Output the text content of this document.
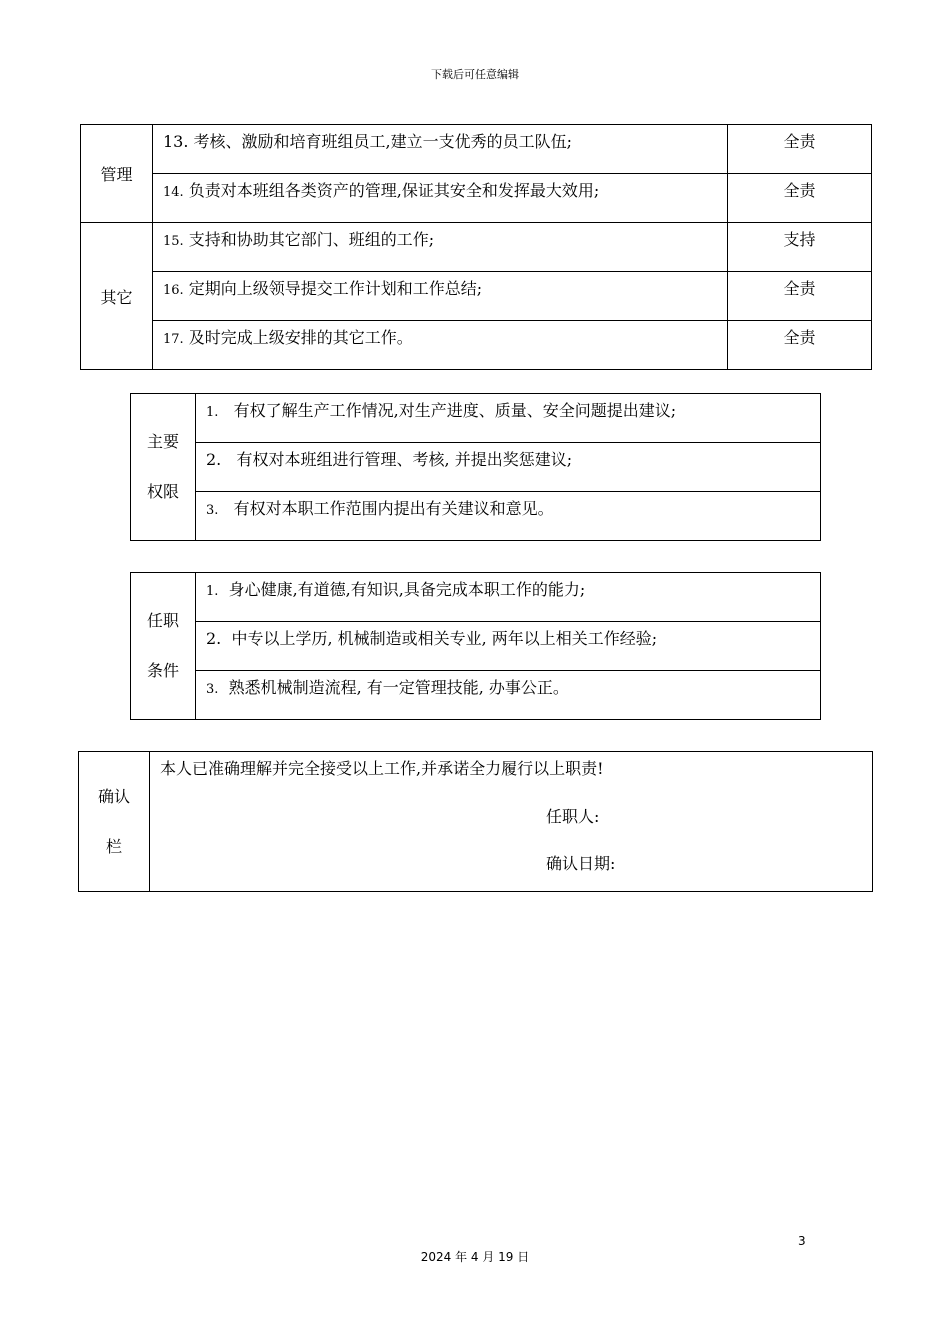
下载后可任意编辑
管理	13. 考核、激励和培育班组员工,建立一支优秀的员工队伍;	全责
	14. 负责对本班组各类资产的管理,保证其安全和发挥最大效用;	全责
其它	15. 支持和协助其它部门、班组的工作;	支持
	16. 定期向上级领导提交工作计划和工作总结;	全责
	17. 及时完成上级安排的其它工作。	全责
主要
权限
	1. 有权了解生产工作情况,对生产进度、质量、安全问题提出建议;
2. 有权对本班组进行管理、考核, 并提出奖惩建议;
3. 有权对本职工作范围内提出有关建议和意见。
任职
条件
	1. 身心健康,有道德,有知识,具备完成本职工作的能力;
2. 中专以上学历, 机械制造或相关专业, 两年以上相关工作经验;
3. 熟悉机械制造流程, 有一定管理技能, 办事公正。
确认
栏

本人已准确理解并完全接受以上工作,并承诺全力履行以上职责!
任职人:
确认日期:
3
2024 年 4 月 19 日
